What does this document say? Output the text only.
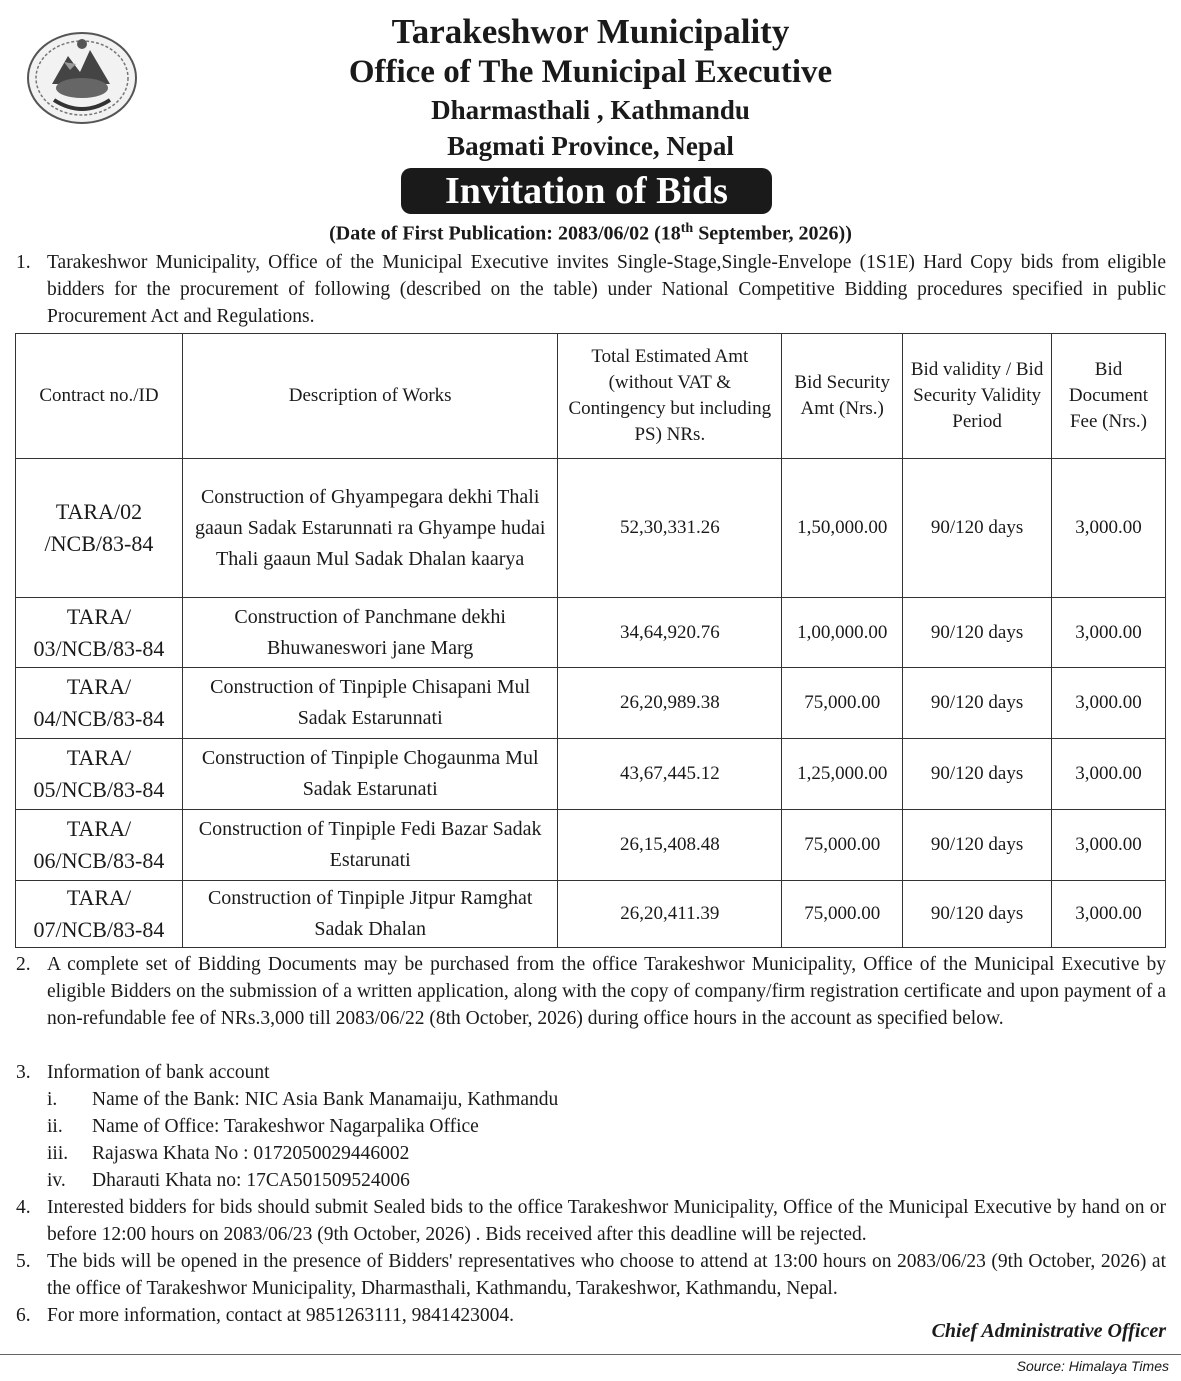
Tarakeshwor Municipality
Office of The Municipal Executive
Dharmasthali , Kathmandu
Bagmati Province, Nepal
Invitation of Bids
(Date of First Publication: 2083/06/02 (18th September, 2026))
1. Tarakeshwor Municipality, Office of the Municipal Executive invites Single-Stage,Single-Envelope (1S1E) Hard Copy bids from eligible bidders for the procurement of following (described on the table) under National Competitive Bidding procedures specified in public Procurement Act and Regulations.
Contract no./ID	Description of Works	Total Estimated Amt (without VAT & Contingency but including PS) NRs.	Bid Security Amt (Nrs.)	Bid validity / Bid Security Validity Period	Bid Document Fee (Nrs.)
TARA/02 /NCB/83-84	Construction of Ghyampegara dekhi Thali gaaun Sadak Estarunnati ra Ghyampe hudai Thali gaaun Mul Sadak Dhalan kaarya	52,30,331.26	1,50,000.00	90/120 days	3,000.00
TARA/ 03/NCB/83-84	Construction of Panchmane dekhi Bhuwaneswori jane Marg	34,64,920.76	1,00,000.00	90/120 days	3,000.00
TARA/ 04/NCB/83-84	Construction of Tinpiple Chisapani Mul Sadak Estarunnati	26,20,989.38	75,000.00	90/120 days	3,000.00
TARA/ 05/NCB/83-84	Construction of Tinpiple Chogaunma Mul Sadak Estarunati	43,67,445.12	1,25,000.00	90/120 days	3,000.00
TARA/ 06/NCB/83-84	Construction of Tinpiple Fedi Bazar Sadak Estarunati	26,15,408.48	75,000.00	90/120 days	3,000.00
TARA/ 07/NCB/83-84	Construction of Tinpiple Jitpur Ramghat Sadak Dhalan	26,20,411.39	75,000.00	90/120 days	3,000.00
2. A complete set of Bidding Documents may be purchased from the office Tarakeshwor Municipality, Office of the Municipal Executive by eligible Bidders on the submission of a written application, along with the copy of company/firm registration certificate and upon payment of a non-refundable fee of NRs.3,000 till 2083/06/22 (8th October, 2026) during office hours in the account as specified below.
3. Information of bank account
i.	Name of the Bank: NIC Asia Bank Manamaiju, Kathmandu
ii.	Name of Office: Tarakeshwor Nagarpalika Office
iii.	Rajaswa Khata No : 0172050029446002
iv.	Dharauti Khata no: 17CA501509524006
4. Interested bidders for bids should submit Sealed bids to the office Tarakeshwor Municipality, Office of the Municipal Executive by hand on or before 12:00 hours on 2083/06/23 (9th October, 2026) . Bids received after this deadline will be rejected.
5. The bids will be opened in the presence of Bidders' representatives who choose to attend at 13:00 hours on 2083/06/23 (9th October, 2026) at the office of Tarakeshwor Municipality, Dharmasthali, Kathmandu, Tarakeshwor, Kathmandu, Nepal.
6. For more information, contact at 9851263111, 9841423004.
Chief Administrative Officer
Source: Himalaya Times
